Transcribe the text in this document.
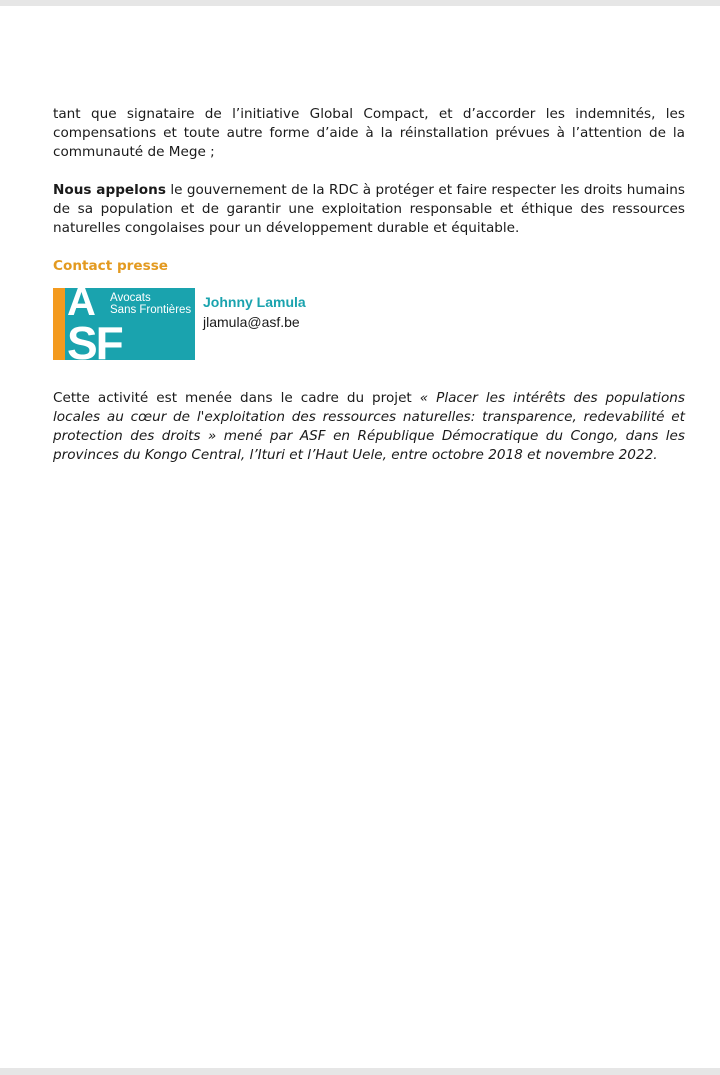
tant que signataire de l’initiative Global Compact, et d’accorder les indemnités, les compensations et toute autre forme d’aide à la réinstallation prévues à l’attention de la communauté de Mege ;

Nous appelons le gouvernement de la RDC à protéger et faire respecter les droits humains de sa population et de garantir une exploitation responsable et éthique des ressources naturelles congolaises pour un développement durable et équitable.

Contact presse
A
SF
Avocats
Sans Frontières Johnny Lamula
jlamula@asf.be

Cette activité est menée dans le cadre du projet « Placer les intérêts des populations locales au cœur de l'exploitation des ressources naturelles: transparence, redevabilité et protection des droits » mené par ASF en République Démocratique du Congo, dans les provinces du Kongo Central, l’Ituri et l’Haut Uele, entre octobre 2018 et novembre 2022.
